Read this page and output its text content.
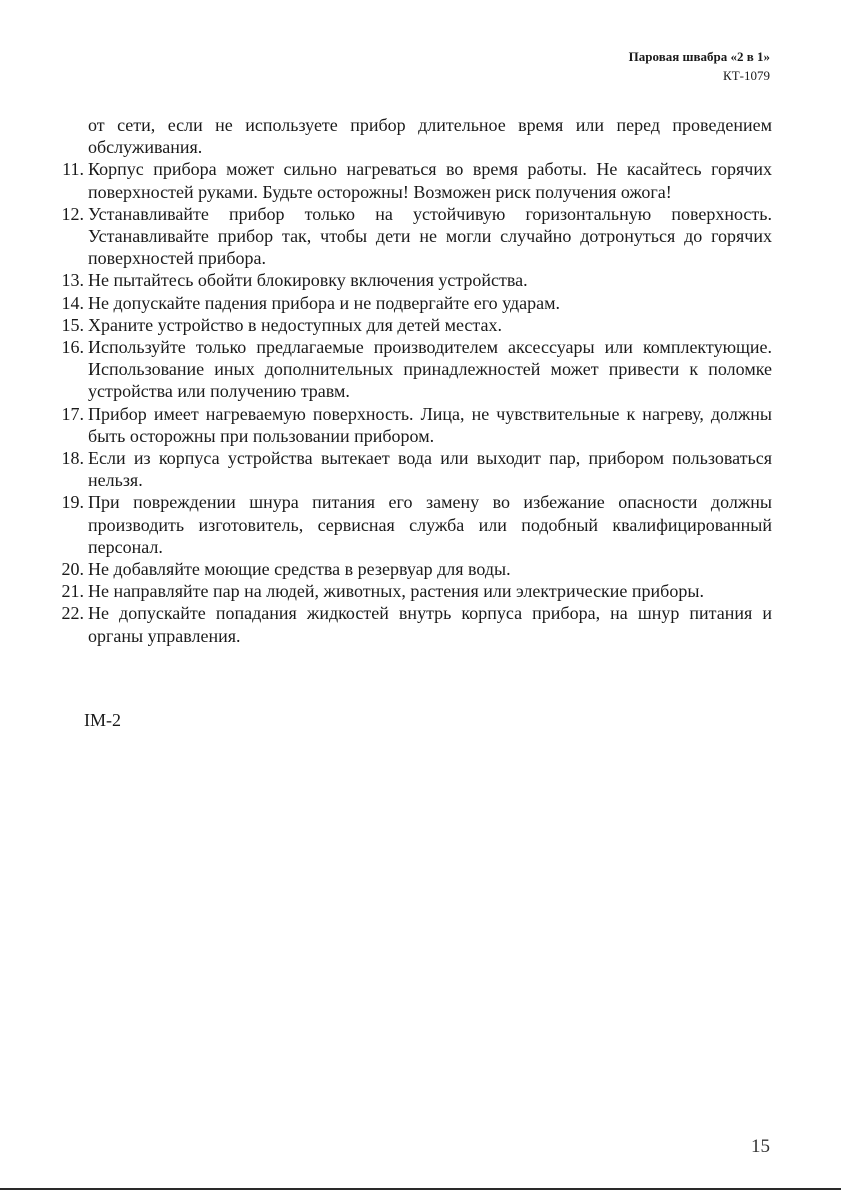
Паровая швабра «2 в 1»
КТ-1079
от сети, если не используете прибор длительное время или перед проведением обслуживания.
11. Корпус прибора может сильно нагреваться во время работы. Не касайтесь горячих поверхностей руками. Будьте осторожны! Возможен риск получения ожога!
12. Устанавливайте прибор только на устойчивую горизонтальную поверхность. Устанавливайте прибор так, чтобы дети не могли случайно дотронуться до горячих поверхностей прибора.
13. Не пытайтесь обойти блокировку включения устройства.
14. Не допускайте падения прибора и не подвергайте его ударам.
15. Храните устройство в недоступных для детей местах.
16. Используйте только предлагаемые производителем аксессуары или комплектующие. Использование иных дополнительных принадлежностей может привести к поломке устройства или получению травм.
17. Прибор имеет нагреваемую поверхность. Лица, не чувствительные к нагреву, должны быть осторожны при пользовании прибором.
18. Если из корпуса устройства вытекает вода или выходит пар, прибором пользоваться нельзя.
19. При повреждении шнура питания его замену во избежание опасности должны производить изготовитель, сервисная служба или подобный квалифицированный персонал.
20. Не добавляйте моющие средства в резервуар для воды.
21. Не направляйте пар на людей, животных, растения или электрические приборы.
22. Не допускайте попадания жидкостей внутрь корпуса прибора, на шнур питания и органы управления.
IM-2
15
